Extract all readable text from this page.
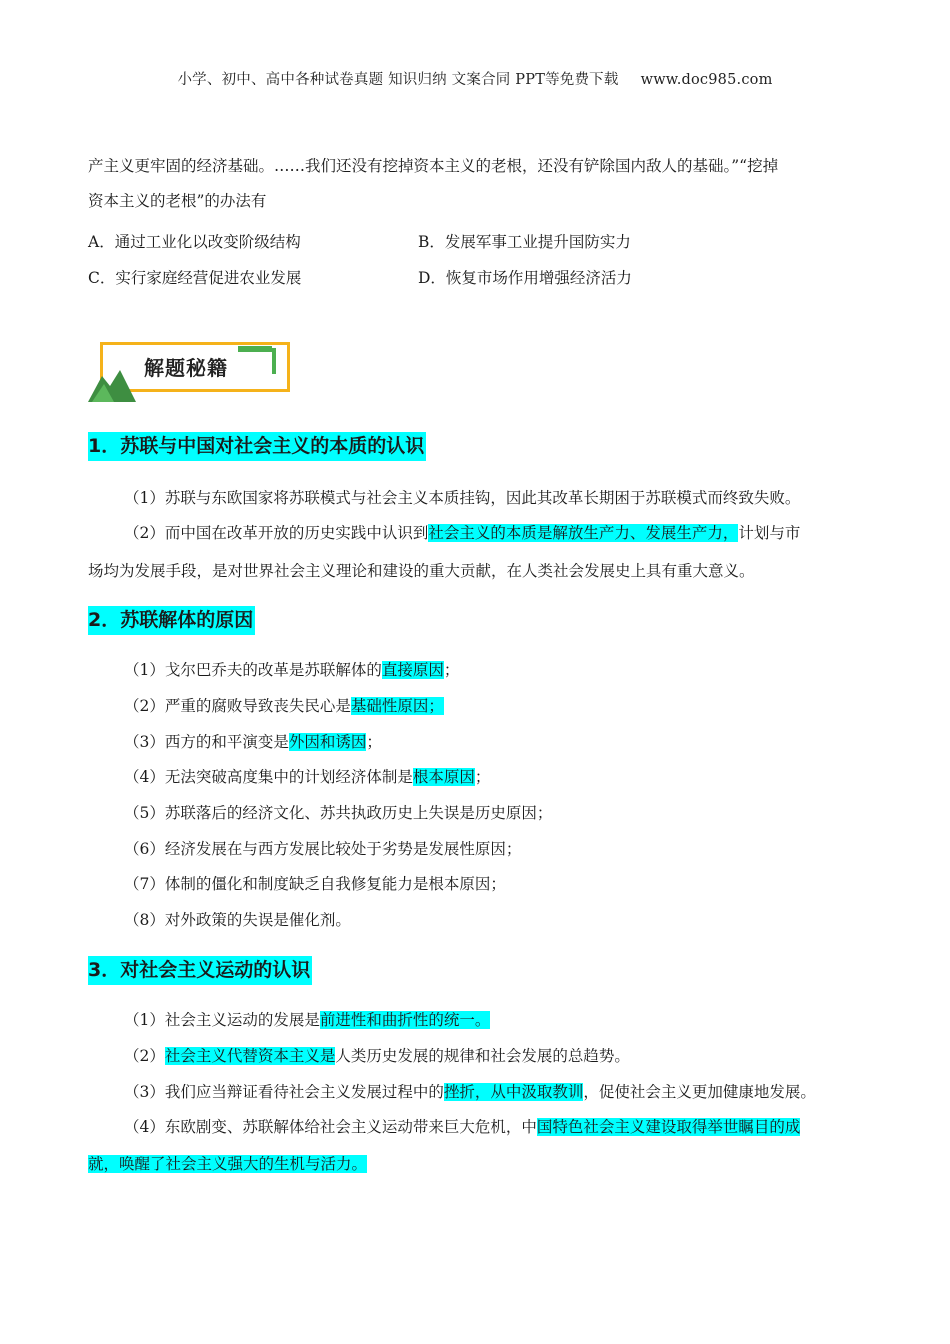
小学、初中、高中各种试卷真题 知识归纳 文案合同 PPT等免费下载 www.doc985.com
产主义更牢固的经济基础。……我们还没有挖掉资本主义的老根，还没有铲除国内敌人的基础。”“挖掉
资本主义的老根”的办法有
A．通过工业化以改变阶级结构	B．发展军事工业提升国防实力
C．实行家庭经营促进农业发展	D．恢复市场作用增强经济活力
解题秘籍
1．苏联与中国对社会主义的本质的认识
（1）苏联与东欧国家将苏联模式与社会主义本质挂钩，因此其改革长期困于苏联模式而终致失败。
（2）而中国在改革开放的历史实践中认识到社会主义的本质是解放生产力、发展生产力，计划与市
场均为发展手段，是对世界社会主义理论和建设的重大贡献，在人类社会发展史上具有重大意义。
2．苏联解体的原因
（1）戈尔巴乔夫的改革是苏联解体的直接原因；
（2）严重的腐败导致丧失民心是基础性原因；
（3）西方的和平演变是外因和诱因；
（4）无法突破高度集中的计划经济体制是根本原因；
（5）苏联落后的经济文化、苏共执政历史上失误是历史原因；
（6）经济发展在与西方发展比较处于劣势是发展性原因；
（7）体制的僵化和制度缺乏自我修复能力是根本原因；
（8）对外政策的失误是催化剂。
3．对社会主义运动的认识
（1）社会主义运动的发展是前进性和曲折性的统一。
（2）社会主义代替资本主义是人类历史发展的规律和社会发展的总趋势。
（3）我们应当辩证看待社会主义发展过程中的挫折，从中汲取教训，促使社会主义更加健康地发展。
（4）东欧剧变、苏联解体给社会主义运动带来巨大危机，中国特色社会主义建设取得举世瞩目的成
就，唤醒了社会主义强大的生机与活力。
